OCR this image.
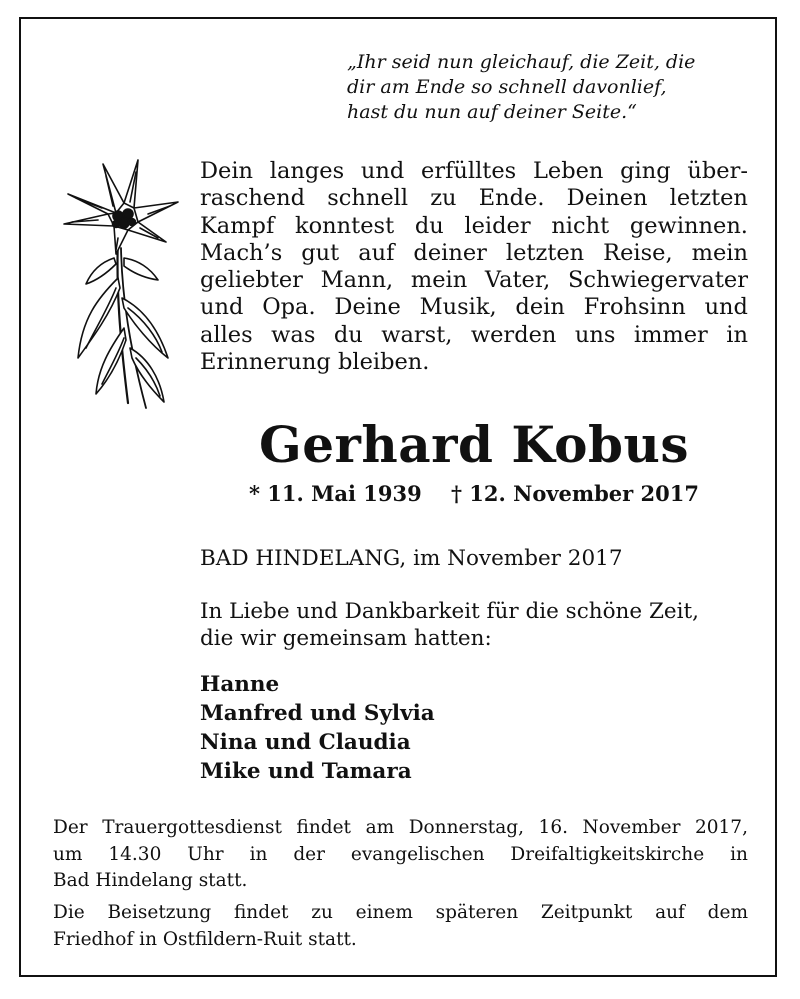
„Ihr seid nun gleichauf, die Zeit, die
dir am Ende so schnell davonlief,
hast du nun auf deiner Seite.“
Dein langes und erfülltes Leben ging über-
raschend schnell zu Ende. Deinen letzten
Kampf konntest du leider nicht gewinnen.
Mach’s gut auf deiner letzten Reise, mein
geliebter Mann, mein Vater, Schwiegervater
und Opa. Deine Musik, dein Frohsinn und
alles was du warst, werden uns immer in
Erinnerung bleiben.
Gerhard Kobus
* 11. Mai 1939    † 12. November 2017
BAD HINDELANG, im November 2017
In Liebe und Dankbarkeit für die schöne Zeit,
die wir gemeinsam hatten:
Hanne
Manfred und Sylvia
Nina und Claudia
Mike und Tamara
Der Trauergottesdienst findet am Donnerstag, 16. November 2017,
um 14.30 Uhr in der evangelischen Dreifaltigkeitskirche in
Bad Hindelang statt.
Die Beisetzung findet zu einem späteren Zeitpunkt auf dem
Friedhof in Ostfildern-Ruit statt.
